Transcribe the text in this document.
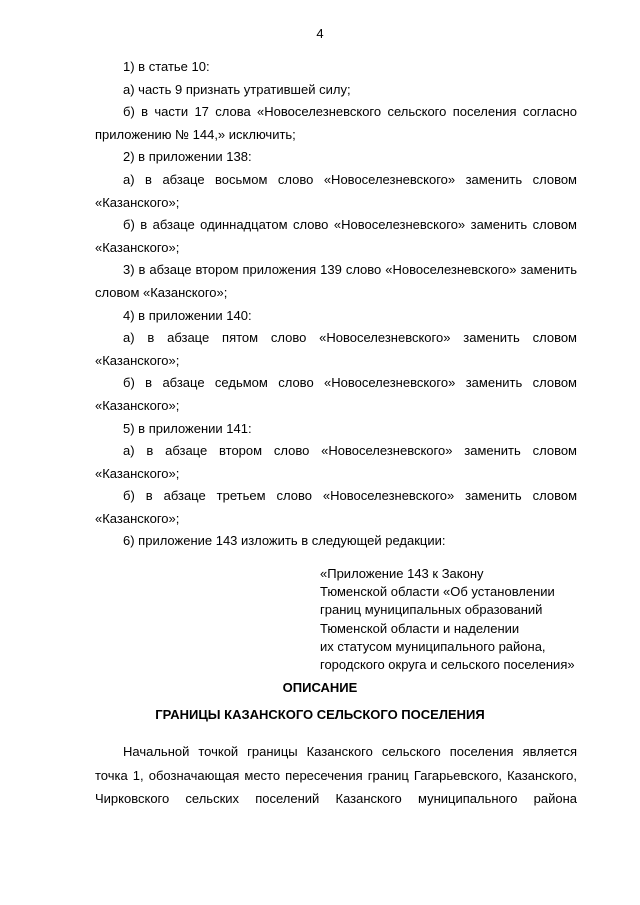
4

1) в статье 10:

а) часть 9 признать утратившей силу;

б) в части 17 слова «Новоселезневского сельского поселения согласно приложению № 144,» исключить;

2) в приложении 138:

а) в абзаце восьмом слово «Новоселезневского» заменить словом «Казанского»;

б) в абзаце одиннадцатом слово «Новоселезневского» заменить словом «Казанского»;

3) в абзаце втором приложения 139 слово «Новоселезневского» заменить словом «Казанского»;

4) в приложении 140:

а) в абзаце пятом слово «Новоселезневского» заменить словом «Казанского»;

б) в абзаце седьмом слово «Новоселезневского» заменить словом «Казанского»;

5) в приложении 141:

а) в абзаце втором слово «Новоселезневского» заменить словом «Казанского»;

б) в абзаце третьем слово «Новоселезневского» заменить словом «Казанского»;

6) приложение 143 изложить в следующей редакции:

«Приложение 143 к Закону
Тюменской области «Об установлении
границ муниципальных образований
Тюменской области и наделении
их статусом муниципального района,
городского округа и сельского поселения»
ОПИСАНИЕ
ГРАНИЦЫ КАЗАНСКОГО СЕЛЬСКОГО ПОСЕЛЕНИЯ
Начальной точкой границы Казанского сельского поселения является
точка 1, обозначающая место пересечения границ Гагарьевского, Казанского,
Чирковского сельских поселений Казанского муниципального района
